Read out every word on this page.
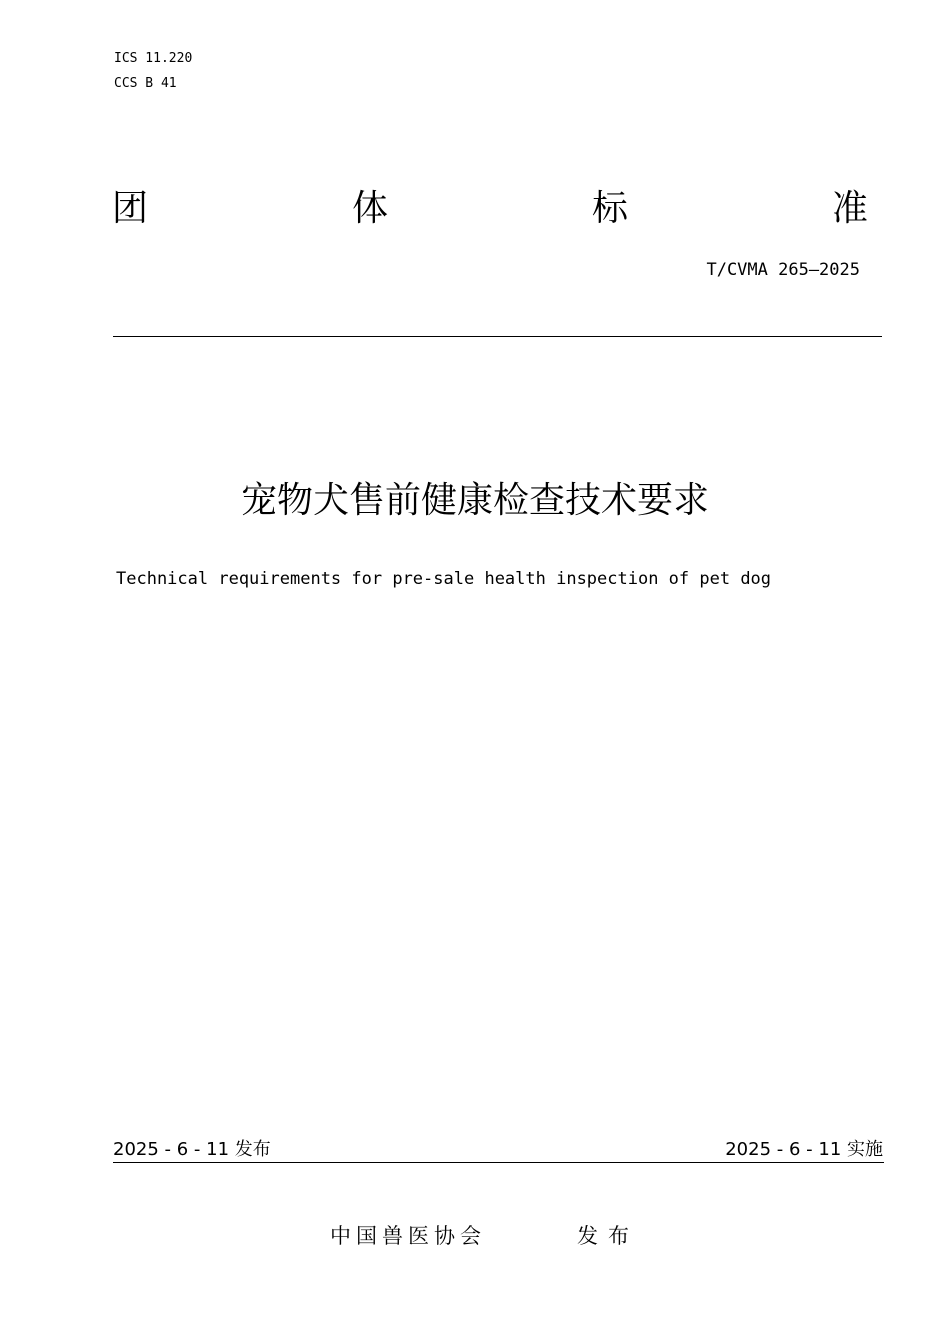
ICS 11.220
CCS B 41
团	体	标	准
T/CVMA 265—2025
宠物犬售前健康检查技术要求
Technical requirements for pre-sale health inspection of pet dog
2025 - 6 - 11 发布	2025 - 6 - 11 实施
中国兽医协会	发布
